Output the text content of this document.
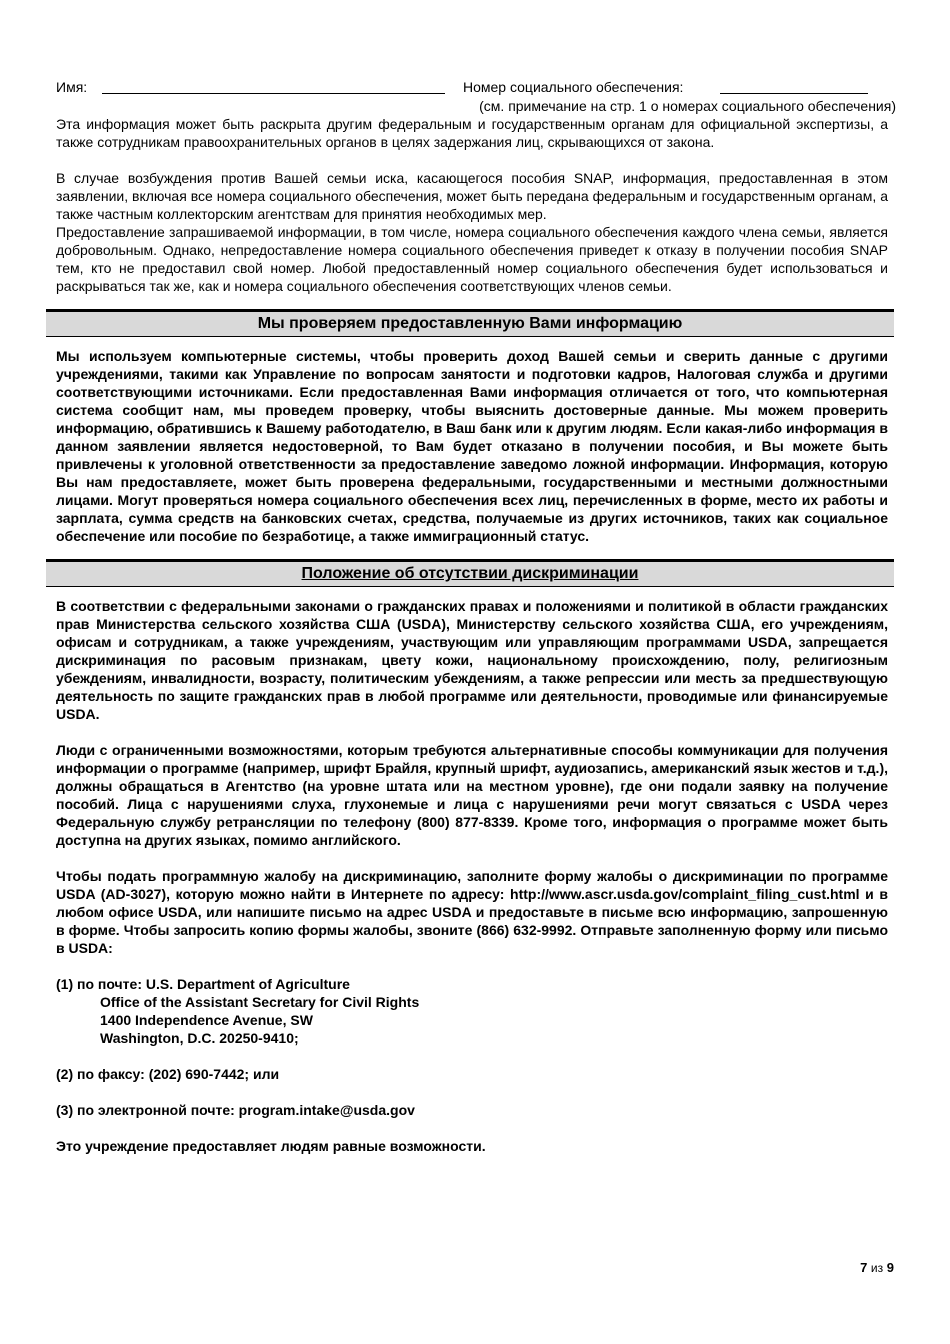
Имя:	Номер социального обеспечения:
(см. примечание на стр. 1 о номерах социального обеспечения)

Эта информация может быть раскрыта другим федеральным и государственным органам для официальной экспертизы, а также сотрудникам правоохранительных органов в целях задержания лиц, скрывающихся от закона.

В случае возбуждения против Вашей семьи иска, касающегося пособия SNAP, информация, предоставленная в этом заявлении, включая все номера социального обеспечения, может быть передана федеральным и государственным органам, а также частным коллекторским агентствам для принятия необходимых мер.

Предоставление запрашиваемой информации, в том числе, номера социального обеспечения каждого члена семьи, является добровольным. Однако, непредоставление номера социального обеспечения приведет к отказу в получении пособия SNAP тем, кто не предоставил свой номер. Любой предоставленный номер социального обеспечения будет использоваться и раскрываться так же, как и номера социального обеспечения соответствующих членов семьи.

Мы проверяем предоставленную Вами информацию

Мы используем компьютерные системы, чтобы проверить доход Вашей семьи и сверить данные с другими учреждениями, такими как Управление по вопросам занятости и подготовки кадров, Налоговая служба и другими соответствующими источниками. Если предоставленная Вами информация отличается от того, что компьютерная система сообщит нам, мы проведем проверку, чтобы выяснить достоверные данные. Мы можем проверить информацию, обратившись к Вашему работодателю, в Ваш банк или к другим людям. Если какая-либо информация в данном заявлении является недостоверной, то Вам будет отказано в получении пособия, и Вы можете быть привлечены к уголовной ответственности за предоставление заведомо ложной информации. Информация, которую Вы нам предоставляете, может быть проверена федеральными, государственными и местными должностными лицами. Могут проверяться номера социального обеспечения всех лиц, перечисленных в форме, место их работы и зарплата, сумма средств на банковских счетах, средства, получаемые из других источников, таких как социальное обеспечение или пособие по безработице, а также иммиграционный статус.

Положение об отсутствии дискриминации

В соответствии с федеральными законами о гражданских правах и положениями и политикой в области гражданских прав Министерства сельского хозяйства США (USDA), Министерству сельского хозяйства США, его учреждениям, офисам и сотрудникам, а также учреждениям, участвующим или управляющим программами USDA, запрещается дискриминация по расовым признакам, цвету кожи, национальному происхождению, полу, религиозным убеждениям, инвалидности, возрасту, политическим убеждениям, а также репрессии или месть за предшествующую деятельность по защите гражданских прав в любой программе или деятельности, проводимые или финансируемые USDA.

Люди с ограниченными возможностями, которым требуются альтернативные способы коммуникации для получения информации о программе (например, шрифт Брайля, крупный шрифт, аудиозапись, американский язык жестов и т.д.), должны обращаться в Агентство (на уровне штата или на местном уровне), где они подали заявку на получение пособий. Лица с нарушениями слуха, глухонемые и лица с нарушениями речи могут связаться с USDA через Федеральную службу ретрансляции по телефону (800) 877-8339. Кроме того, информация о программе может быть доступна на других языках, помимо английского.

Чтобы подать программную жалобу на дискриминацию, заполните форму жалобы о дискриминации по программе USDA (AD-3027), которую можно найти в Интернете по адресу: http://www.ascr.usda.gov/complaint_filing_cust.html и в любом офисе USDA, или напишите письмо на адрес USDA и предоставьте в письме всю информацию, запрошенную в форме. Чтобы запросить копию формы жалобы, звоните (866) 632-9992. Отправьте заполненную форму или письмо в USDA:

(1) по почте: U.S. Department of Agriculture
Office of the Assistant Secretary for Civil Rights
1400 Independence Avenue, SW
Washington, D.C. 20250-9410;
(2) по факсу: (202) 690-7442; или
(3) по электронной почте: program.intake@usda.gov
Это учреждение предоставляет людям равные возможности.
7 из 9
